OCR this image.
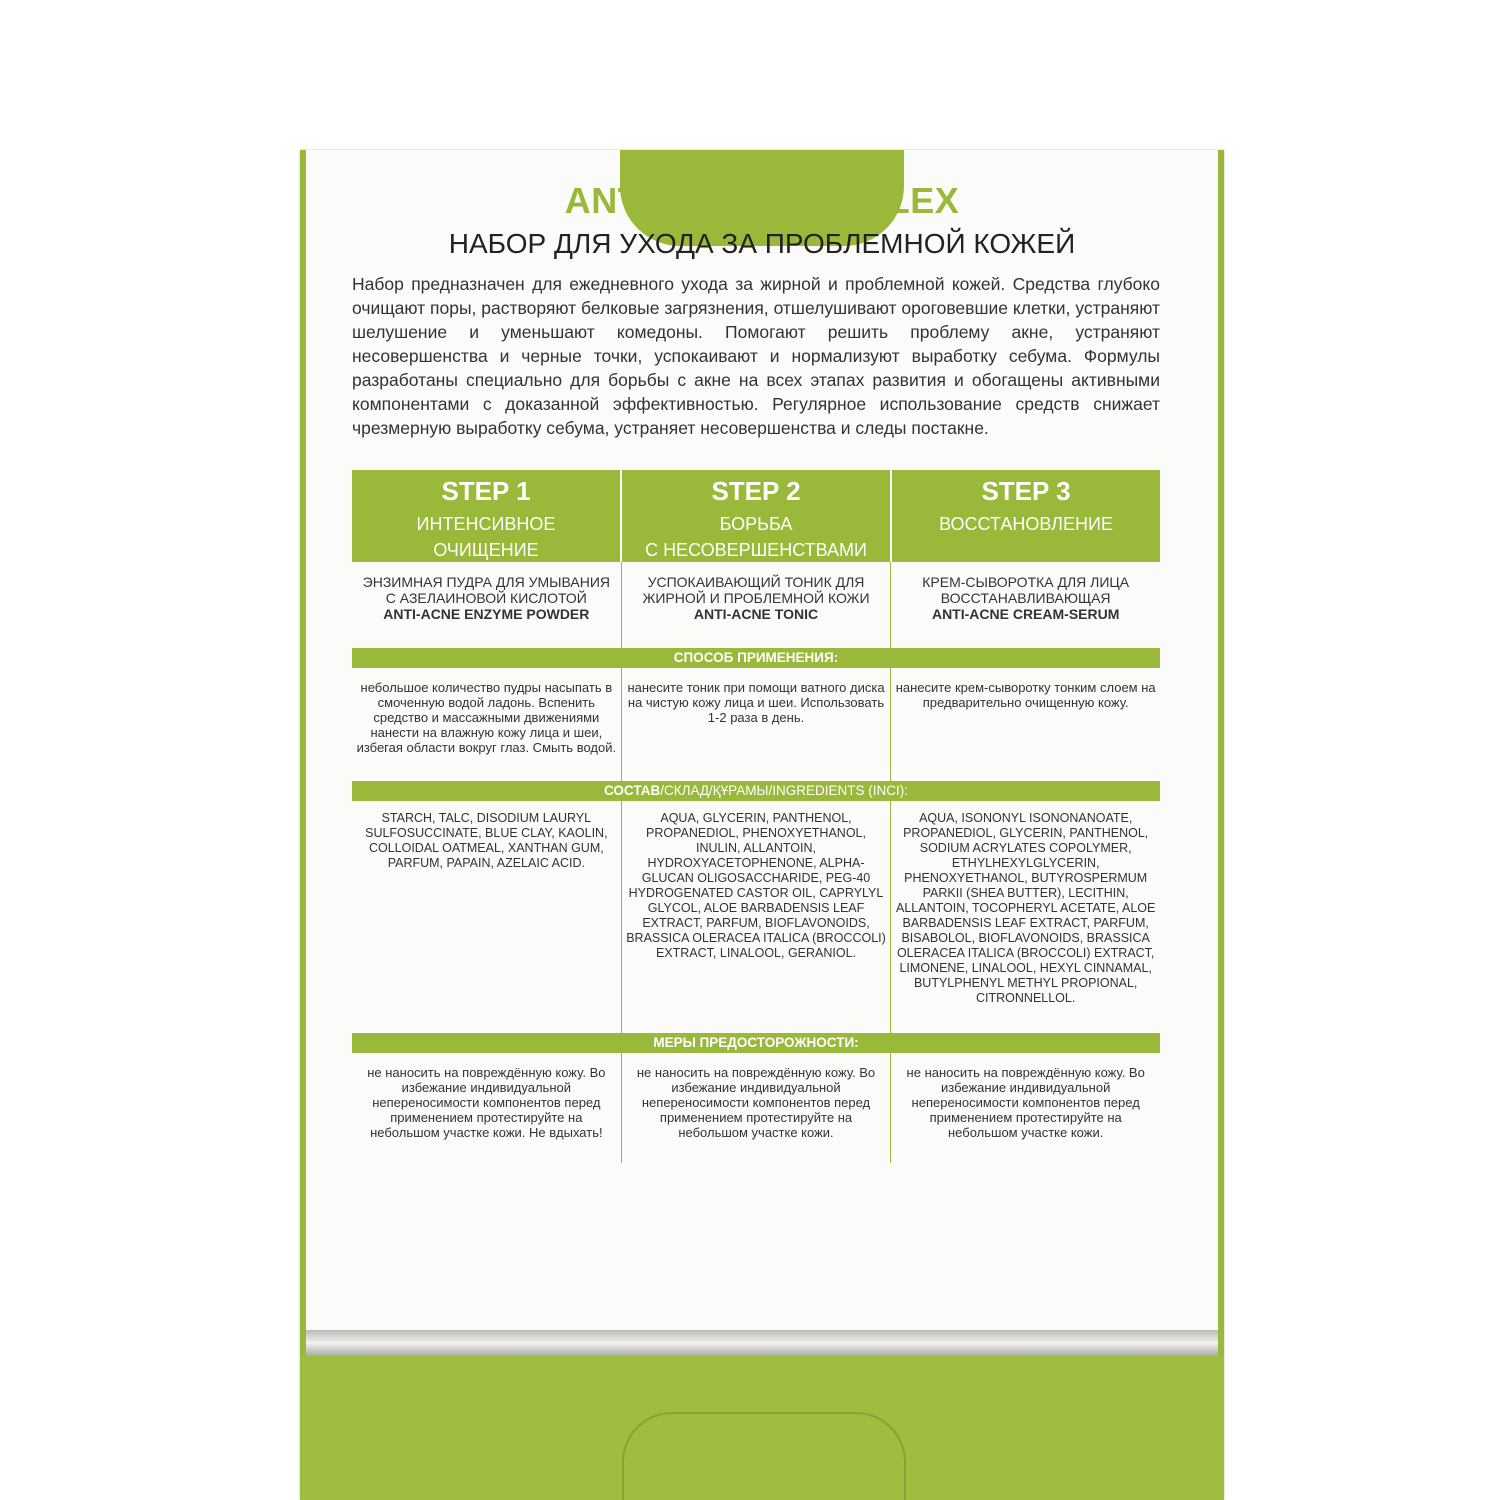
ANTI-ACNE COMPLEX
НАБОР ДЛЯ УХОДА ЗА ПРОБЛЕМНОЙ КОЖЕЙ
Набор предназначен для ежедневного ухода за жирной и проблемной кожей. Средства глубоко очищают поры, растворяют белковые загрязнения, отшелушивают ороговевшие клетки, устраняют шелушение и уменьшают комедоны. Помогают решить проблему акне, устраняют несовершенства и черные точки, успокаивают и нормализуют выработку себума. Формулы разработаны специально для борьбы с акне на всех этапах развития и обогащены активными компонентами с доказанной эффективностью. Регулярное использование средств снижает чрезмерную выработку себума, устраняет несовершенства и следы постакне.
STEP 1
ИНТЕНСИВНОЕ
ОЧИЩЕНИЕ
STEP 2
БОРЬБА
С НЕСОВЕРШЕНСТВАМИ
STEP 3
ВОССТАНОВЛЕНИЕ
ЭНЗИМНАЯ ПУДРА ДЛЯ УМЫВАНИЯ С АЗЕЛАИНОВОЙ КИСЛОТОЙ
ANTI-ACNE ENZYME POWDER
УСПОКАИВАЮЩИЙ ТОНИК ДЛЯ ЖИРНОЙ И ПРОБЛЕМНОЙ КОЖИ ANTI-ACNE TONIC
КРЕМ-СЫВОРОТКА ДЛЯ ЛИЦА ВОССТАНАВЛИВАЮЩАЯ
ANTI-ACNE CREAM-SERUM
СПОСОБ ПРИМЕНЕНИЯ:
небольшое количество пудры насыпать в смоченную водой ладонь. Вспенить средство и массажными движениями нанести на влажную кожу лица и шеи, избегая области вокруг глаз. Смыть водой.
нанесите тоник при помощи ватного диска на чистую кожу лица и шеи. Использовать 1-2 раза в день.
нанесите крем-сыворотку тонким слоем на предварительно очищенную кожу.
СОСТАВ/СКЛАД/ҚҰРАМЫ/INGREDIENTS (INCI):
STARCH, TALC, DISODIUM LAURYL SULFOSUCCINATE, BLUE CLAY, KAOLIN, COLLOIDAL OATMEAL, XANTHAN GUM, PARFUM, PAPAIN, AZELAIC ACID.
AQUA, GLYCERIN, PANTHENOL, PROPANEDIOL, PHENOXYETHANOL, INULIN, ALLANTOIN, HYDROXYACETOPHENONE, ALPHA-GLUCAN OLIGOSACCHARIDE, PEG-40 HYDROGENATED CASTOR OIL, CAPRYLYL GLYCOL, ALOE BARBADENSIS LEAF EXTRACT, PARFUM, BIOFLAVONOIDS, BRASSICA OLERACEA ITALICA (BROCCOLI) EXTRACT, LINALOOL, GERANIOL.
AQUA, ISONONYL ISONONANOATE, PROPANEDIOL, GLYCERIN, PANTHENOL, SODIUM ACRYLATES COPOLYMER, ETHYLHEXYLGLYCERIN, PHENOXYETHANOL, BUTYROSPERMUM PARKII (SHEA BUTTER), LECITHIN, ALLANTOIN, TOCOPHERYL ACETATE, ALOE BARBADENSIS LEAF EXTRACT, PARFUM, BISABOLOL, BIOFLAVONOIDS, BRASSICA OLERACEA ITALICA (BROCCOLI) EXTRACT, LIMONENE, LINALOOL, HEXYL CINNAMAL, BUTYLPHENYL METHYL PROPIONAL, CITRONNELLOL.
МЕРЫ ПРЕДОСТОРОЖНОСТИ:
не наносить на повреждённую кожу. Во избежание индивидуальной непереносимости компонентов перед применением протестируйте на небольшом участке кожи. Не вдыхать!
не наносить на повреждённую кожу. Во избежание индивидуальной непереносимости компонентов перед применением протестируйте на небольшом участке кожи.
не наносить на повреждённую кожу. Во избежание индивидуальной непереносимости компонентов перед применением протестируйте на небольшом участке кожи.
